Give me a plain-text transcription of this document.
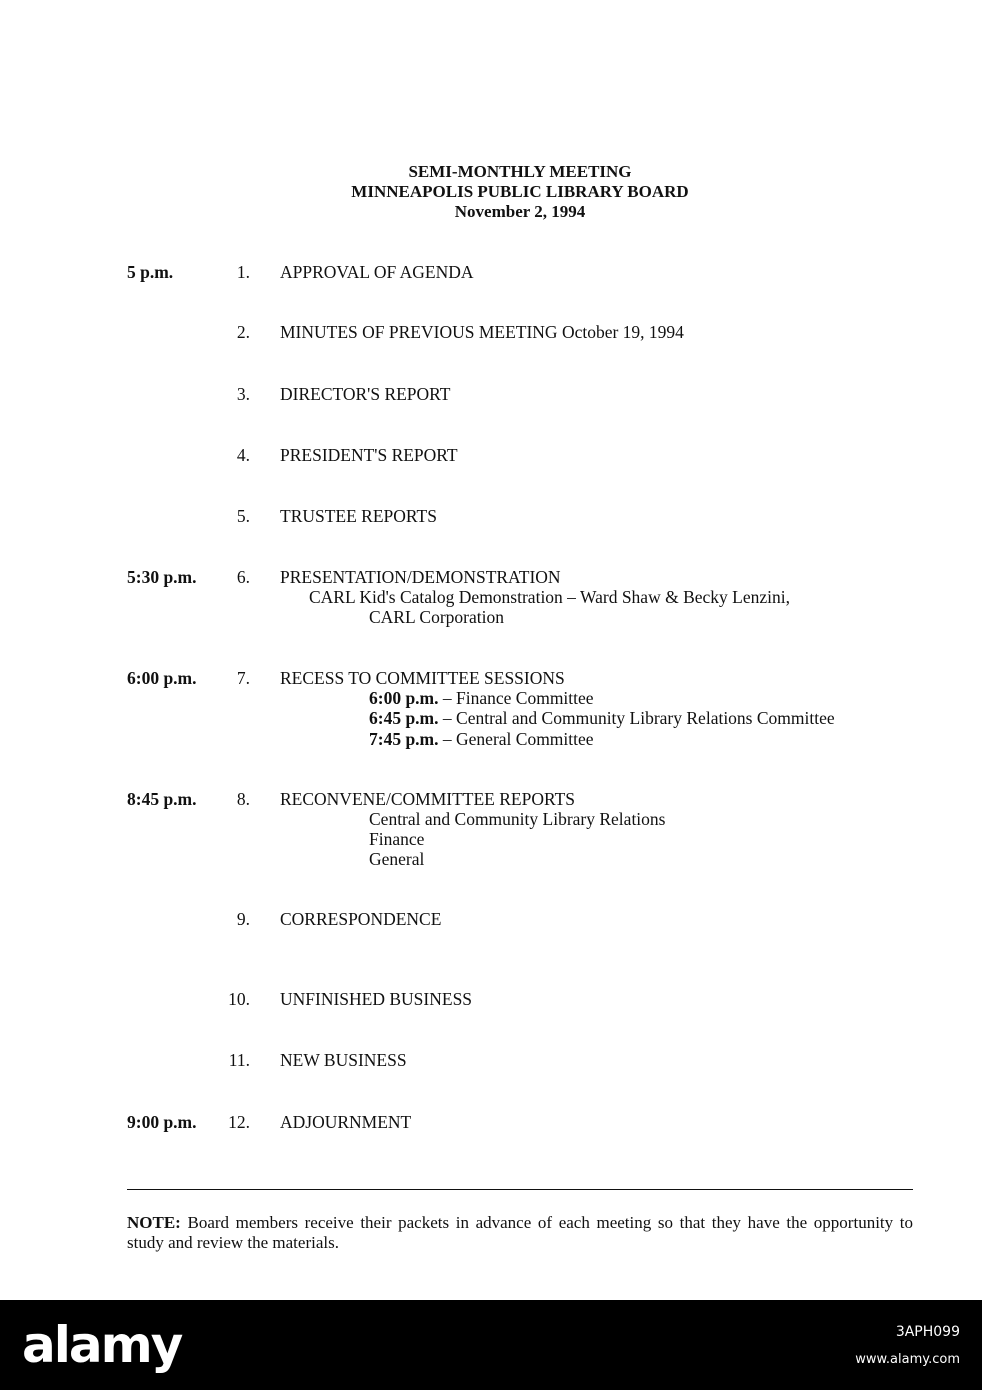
SEMI-MONTHLY MEETING
MINNEAPOLIS PUBLIC LIBRARY BOARD
November 2, 1994
5 p.m.	1. APPROVAL OF AGENDA
2. MINUTES OF PREVIOUS MEETING October 19, 1994
3. DIRECTOR'S REPORT
4. PRESIDENT'S REPORT
5. TRUSTEE REPORTS
5:30 p.m.	6. PRESENTATION/DEMONSTRATION
CARL Kid's Catalog Demonstration – Ward Shaw & Becky Lenzini,
CARL Corporation
6:00 p.m.	7. RECESS TO COMMITTEE SESSIONS
6:00 p.m. – Finance Committee
6:45 p.m. – Central and Community Library Relations Committee
7:45 p.m. – General Committee
8:45 p.m.	8. RECONVENE/COMMITTEE REPORTS
Central and Community Library Relations
Finance
General
9. CORRESPONDENCE
10. UNFINISHED BUSINESS
11. NEW BUSINESS
9:00 p.m.	12. ADJOURNMENT
NOTE: Board members receive their packets in advance of each meeting so that they have the opportunity to study and review the materials.
alamy	3APH099
www.alamy.com
